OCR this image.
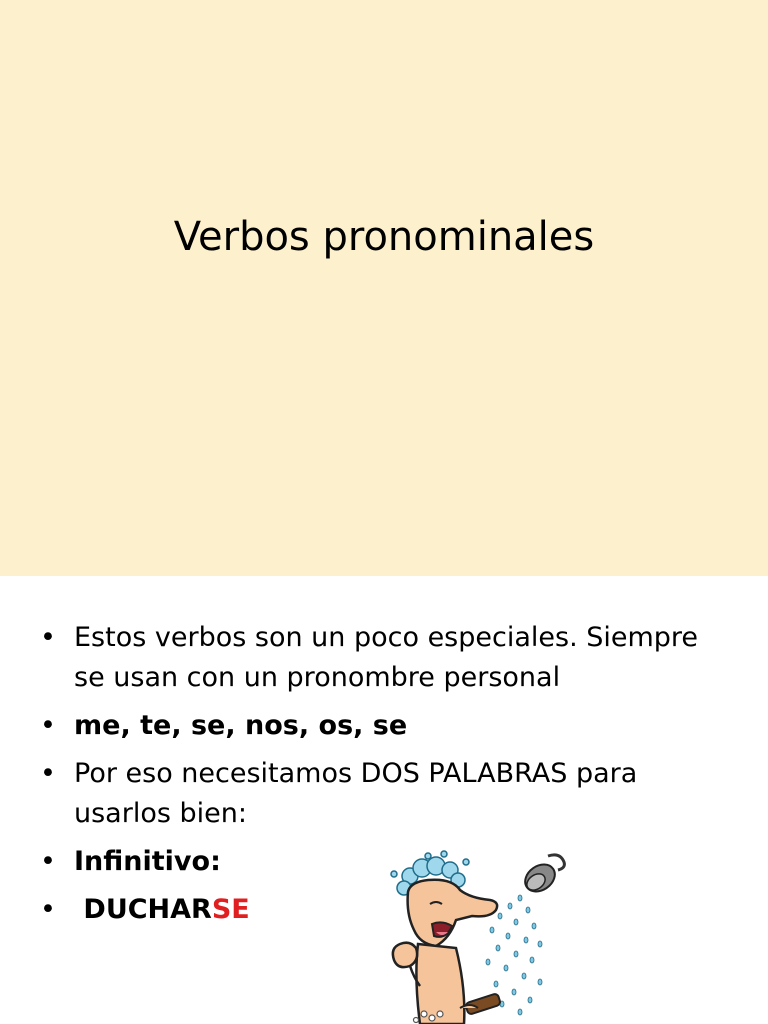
Verbos pronominales
• Estos verbos son un poco especiales. Siempre se usan con un pronombre personal
• me, te, se, nos, os, se
• Por eso necesitamos DOS PALABRAS para usarlos bien:
• Infinitivo:
• DUCHARSE
